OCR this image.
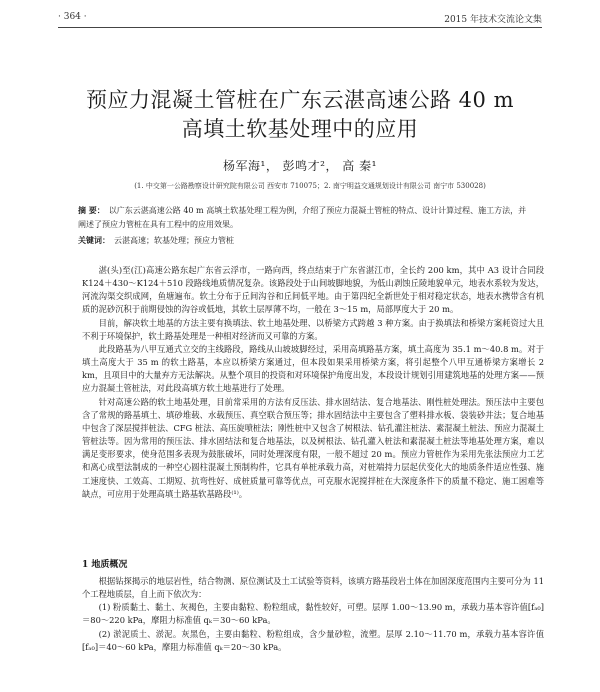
· 364 ·	2015 年技术交流论文集
预应力混凝土管桩在广东云湛高速公路 40 m
高填土软基处理中的应用
杨军海¹， 彭鸣才²， 高 秦¹
(1. 中交第一公路勘察设计研究院有限公司 西安市 710075；2. 南宁明益交通规划设计有限公司 南宁市 530028)
摘 要： 以广东云湛高速公路 40 m 高填土软基处理工程为例，介绍了预应力混凝土管桩的特点、设计计算过程、施工方法，并阐述了预应力管桩在具有工程中的应用效果。
关键词： 云湛高速；软基处理；预应力管桩

湛(头)至(江)高速公路东起广东省云浮市，一路向西，终点结束于广东省湛江市，全长约 200 km，其中 A3 设计合同段 K124＋430～K124＋510 段路线地质情况复杂。该路段处于山间坡脚地貌，为低山剥蚀丘陵地貌单元，地表水系较为发达，河流沟渠交织成网，鱼塘遍布。软土分布于丘间沟谷和丘间低平地。由于第四纪全新世处于相对稳定状态，地表水携带含有机质的泥砂沉积于前期侵蚀的沟谷或低地，其软土层厚薄不均，一般在 3～15 m，局部厚度大于 20 m。

目前，解决软土地基的方法主要有换填法、软土地基处理、以桥梁方式跨越 3 种方案。由于换填法和桥梁方案耗资过大且不利于环境保护，软土路基处理是一种相对经济而又可靠的方案。

此段路基为八甲互通式立交的主线路段，路线从山坡坡脚经过，采用高填路基方案，填土高度为 35.1 m～40.8 m。对于填土高度大于 35 m 的软土路基，本应以桥梁方案通过，但本段如果采用桥梁方案，将引起整个八甲互通桥梁方案增长 2 km，且项目中的大量弃方无法解决。从整个项目的投资和对环境保护角度出发，本段设计规划引用建筑地基的处理方案——预应力混凝土管桩法，对此段高填方软土地基进行了处理。

针对高速公路的软土地基处理，目前常采用的方法有反压法、排水固结法、复合地基法、刚性桩处理法。预压法中主要包含了常规的路基填土、填砂堆载、水载预压、真空联合预压等；排水固结法中主要包含了塑料排水板、袋装砂井法；复合地基中包含了深层搅拌桩法、CFG 桩法、高压旋喷桩法；刚性桩中又包含了树根法、钻孔灌注桩法、素混凝土桩法、预应力混凝土管桩法等。因为常用的预压法、排水固结法和复合地基法，以及树根法、钻孔灌入桩法和素混凝土桩法等地基处理方案，难以满足变形要求，使身范围多表现为鼓胀破坏，同时处理深度有限，一般不超过 20 m。预应力管桩作为采用先张法预应力工艺和离心成型法制成的一种空心圆柱混凝土预制构件，它具有单桩承载力高，对桩端持力层起伏变化大的地质条件适应性强、施工速度快、工效高、工期短、抗弯性好、成桩质量可靠等优点，可克服水泥搅拌桩在大深度条件下的质量不稳定、施工困难等缺点，可应用于处理高填土路基软基路段⁽¹⁾。

1 地质概况

根据钻探揭示的地层岩性，结合物测、原位测试及土工试验等资料，该填方路基段岩土体在加固深度范围内主要可分为 11 个工程地质层，自上而下依次为：

(1) 粉质黏土、黏土、灰褐色，主要由黏粒、粉粒组成，黏性较好，可塑。层厚 1.00～13.90 m，承载力基本容许值[fₐ₀]＝80～220 kPa，摩阻力标准值 qₖ＝30～60 kPa。

(2) 淤泥质土、淤泥。灰黑色，主要由黏粒、粉粒组成，含少量砂粒，流塑。层厚 2.10～11.70 m，承载力基本容许值[fₐ₀]＝40～60 kPa，摩阻力标准值 qₖ＝20～30 kPa。
